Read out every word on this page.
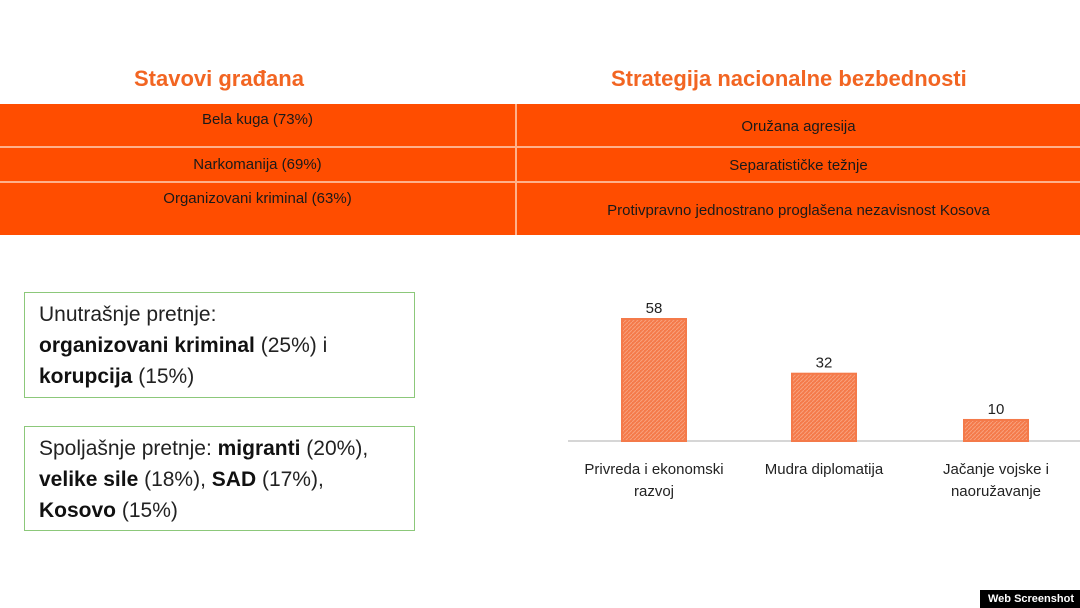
Stavovi građana	Strategija nacionalne bezbednosti
Bela kuga (73%)
Narkomanija (69%)
Organizovani kriminal (63%)
Oružana agresija
Separatističke težnje
Protivpravno jednostrano proglašena nezavisnost Kosova
Unutrašnje pretnje:
organizovani kriminal (25%) i
korupcija (15%)
Spoljašnje pretnje: migranti (20%),
velike sile (18%), SAD (17%),
Kosovo (15%)
58
Privreda i ekonomski
razvoj
32
Mudra diplomatija
10
Jačanje vojske i
naoružavanje
Web Screenshot
